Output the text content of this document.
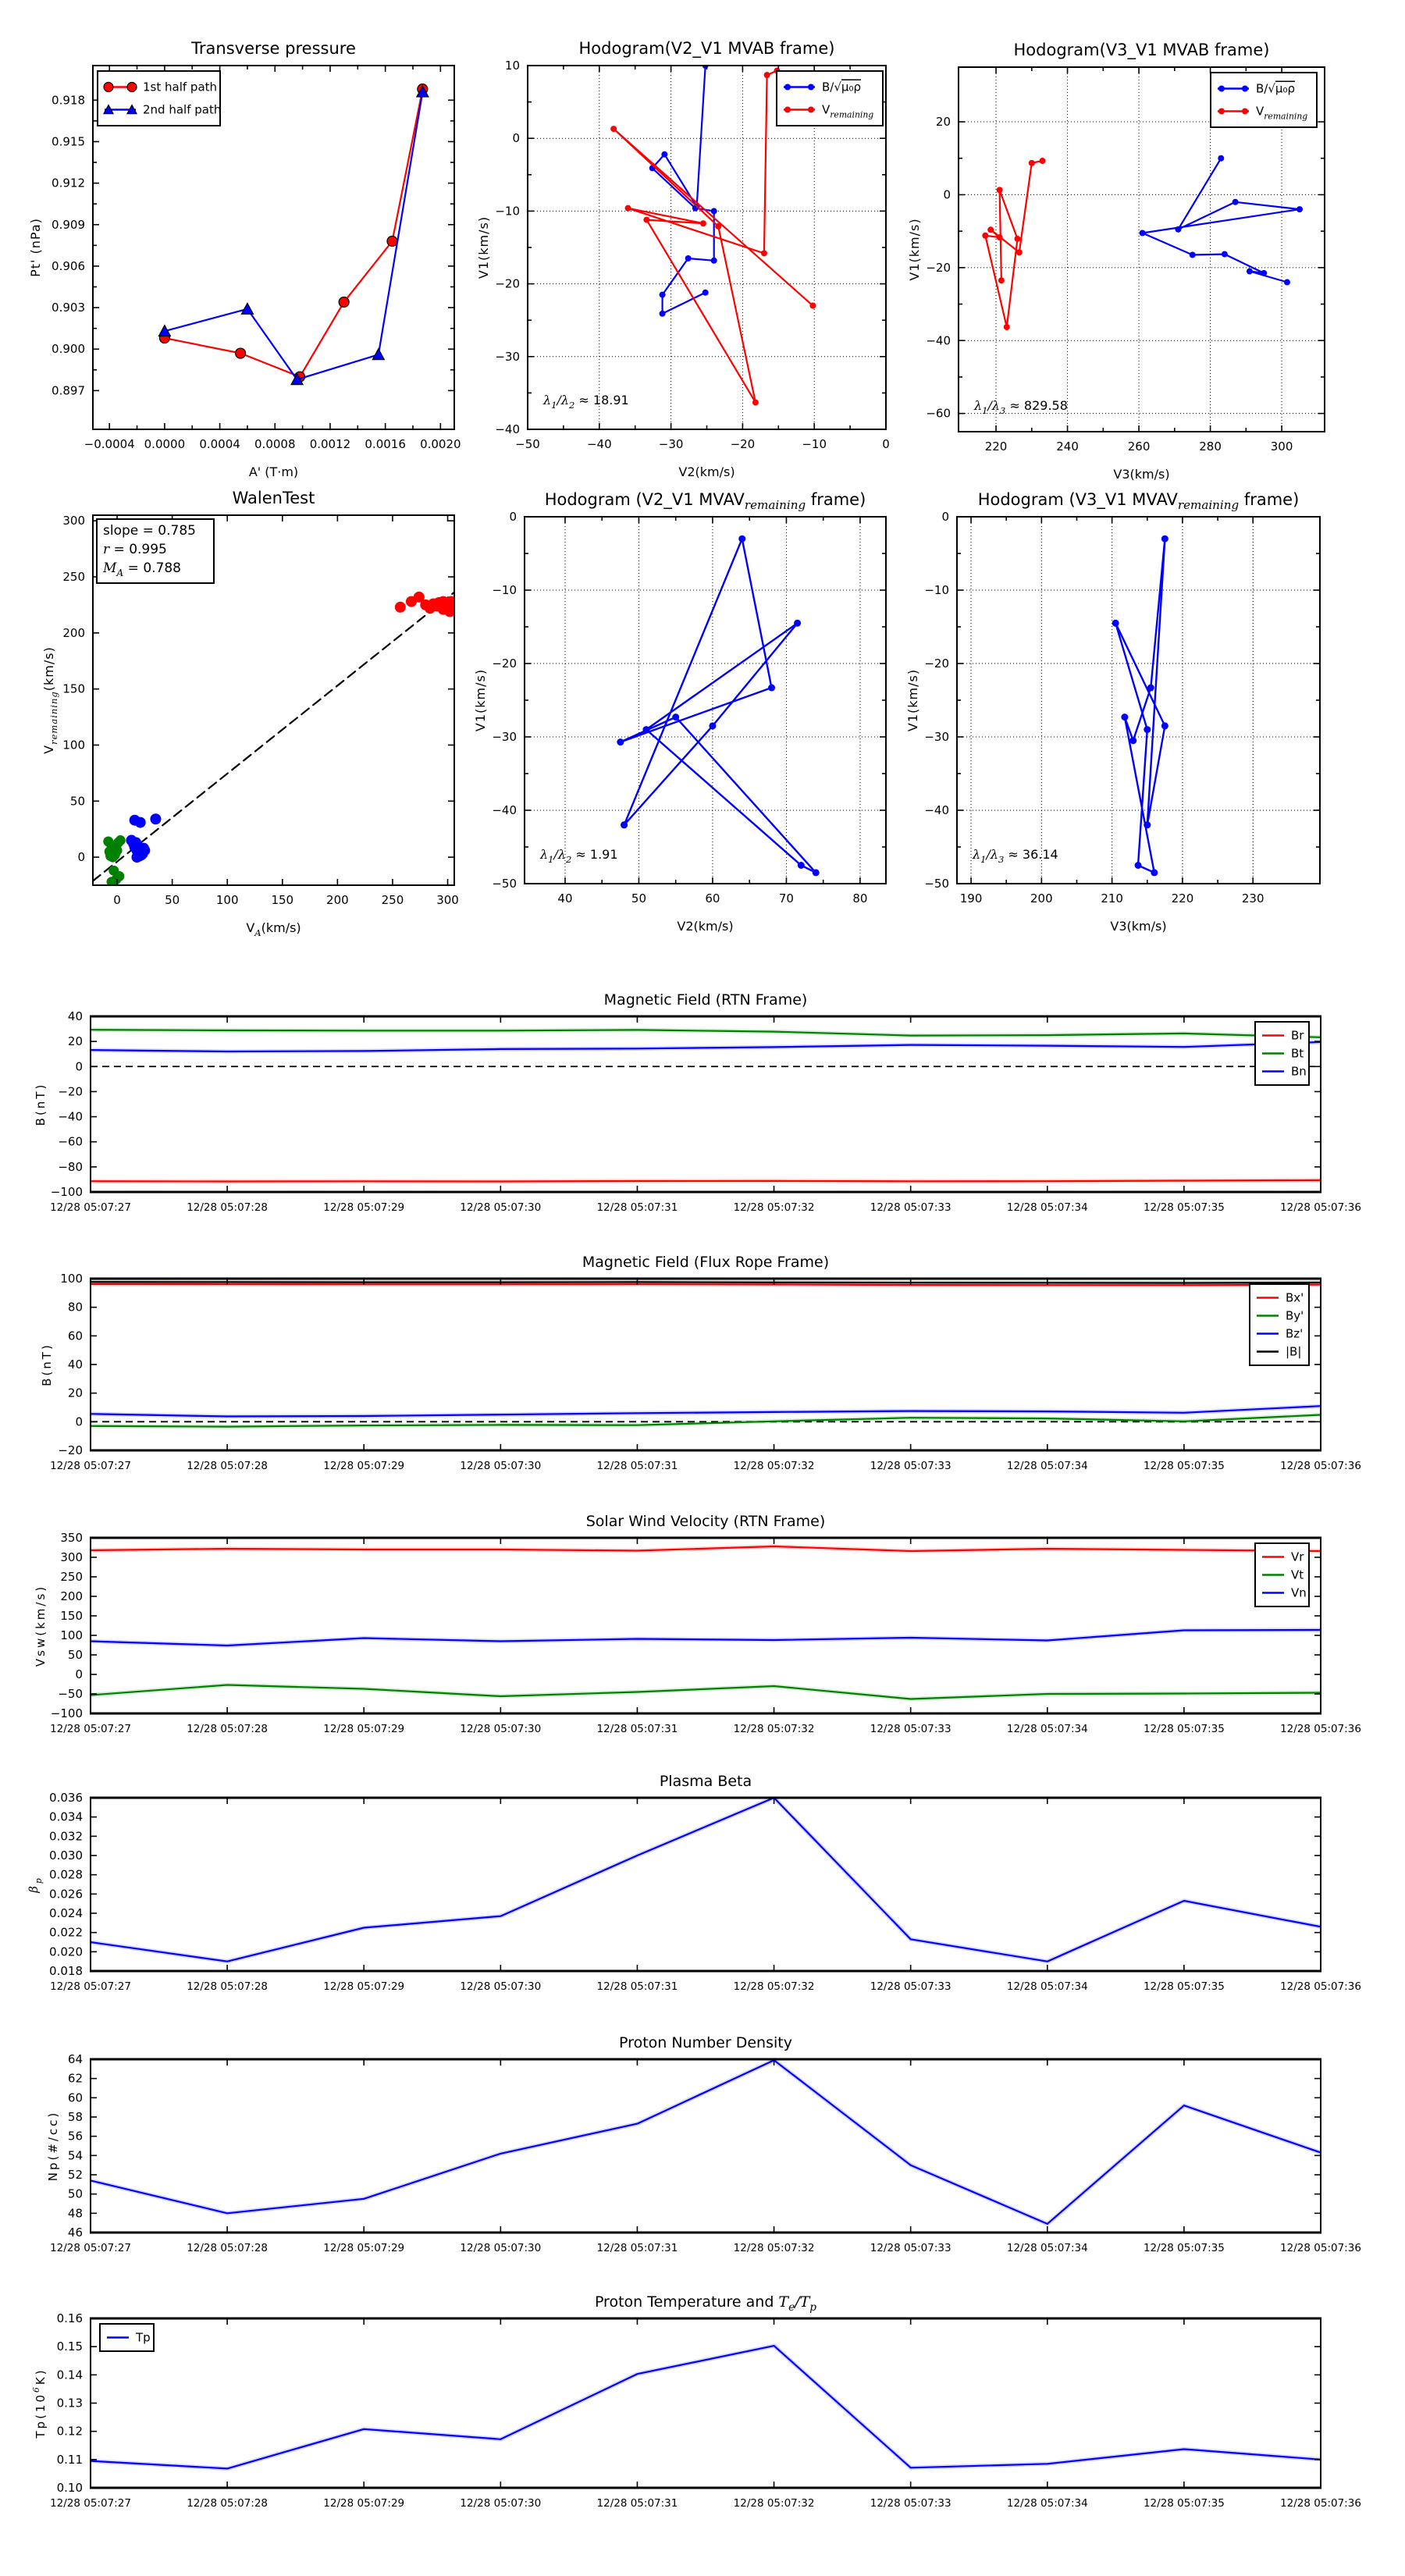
−0.0004 0.0000 0.0004 0.0008 0.0012 0.0016 0.0020
0.897
0.900
0.903
0.906
0.909
0.912
0.915
0.918
Transverse pressure
A' (T·m)
Pt' (nPa)
1st half path
2nd half path
−50	−40	−30	−20	−10	0
−40
−30
−20
−10
0
10
Hodogram(V2_V1 MVAB frame)
V2(km/s)
V1(km/s)
$\lambda_1/\lambda_2 \approx 18.91$
B/√μ₀ρ
$V_{remaining}$
220	240	260	280	300
−60
−40
−20
0
20
Hodogram(V3_V1 MVAB frame)
V3(km/s)
V1(km/s)
$\lambda_1/\lambda_3 \approx 829.58$
B/√μ₀ρ
$V_{remaining}$
0	50	100	150	200	250	300
0
50
100
150
200
250
300
WalenTest
$V_A(km/s)$
$V_{remaining}(km/s)$
slope = 0.785
r = 0.995
$M_A = 0.788$
40	50	60	70	80
−50
−40
−30
−20
−10
0
Hodogram (V2_V1 $MVAV_{remaining}$ frame)
V2(km/s)
V1(km/s)
$\lambda_1/\lambda_2 \approx 1.91$
190	200	210	220	230
−50
−40
−30
−20
−10
0
Hodogram (V3_V1 $MVAV_{remaining}$ frame)
V3(km/s)
V1(km/s)
$\lambda_1/\lambda_3 \approx 36.14$
12/28 05:07:27	12/28 05:07:28	12/28 05:07:29	12/28 05:07:30	12/28 05:07:31	12/28 05:07:32	12/28 05:07:33	12/28 05:07:34	12/28 05:07:35	12/28 05:07:36
−100
−80
−60
−40
−20
0
20
40
Magnetic Field (RTN Frame)
B(nT)
Br
Bt
Bn
12/28 05:07:27	12/28 05:07:28	12/28 05:07:29	12/28 05:07:30	12/28 05:07:31	12/28 05:07:32	12/28 05:07:33	12/28 05:07:34	12/28 05:07:35	12/28 05:07:36
−20
0
20
40
60
80
100
Magnetic Field (Flux Rope Frame)
B(nT)
Bx'
By'
Bz'
|B|
12/28 05:07:27	12/28 05:07:28	12/28 05:07:29	12/28 05:07:30	12/28 05:07:31	12/28 05:07:32	12/28 05:07:33	12/28 05:07:34	12/28 05:07:35	12/28 05:07:36
−100
−50
0
50
100
150
200
250
300
350
Solar Wind Velocity (RTN Frame)
Vsw(km/s)
Vr
Vt
Vn
12/28 05:07:27	12/28 05:07:28	12/28 05:07:29	12/28 05:07:30	12/28 05:07:31	12/28 05:07:32	12/28 05:07:33	12/28 05:07:34	12/28 05:07:35	12/28 05:07:36
0.018
0.020
0.022
0.024
0.026
0.028
0.030
0.032
0.034
0.036
Plasma Beta
$\beta_p$
12/28 05:07:27	12/28 05:07:28	12/28 05:07:29	12/28 05:07:30	12/28 05:07:31	12/28 05:07:32	12/28 05:07:33	12/28 05:07:34	12/28 05:07:35	12/28 05:07:36
46
48
50
52
54
56
58
60
62
64
Proton Number Density
Np(#/cc)
12/28 05:07:27	12/28 05:07:28	12/28 05:07:29	12/28 05:07:30	12/28 05:07:31	12/28 05:07:32	12/28 05:07:33	12/28 05:07:34	12/28 05:07:35	12/28 05:07:36
0.10
0.11
0.12
0.13
0.14
0.15
0.16
Proton Temperature and $T_e/T_p$
$Tp(10^6K)$
Tp
